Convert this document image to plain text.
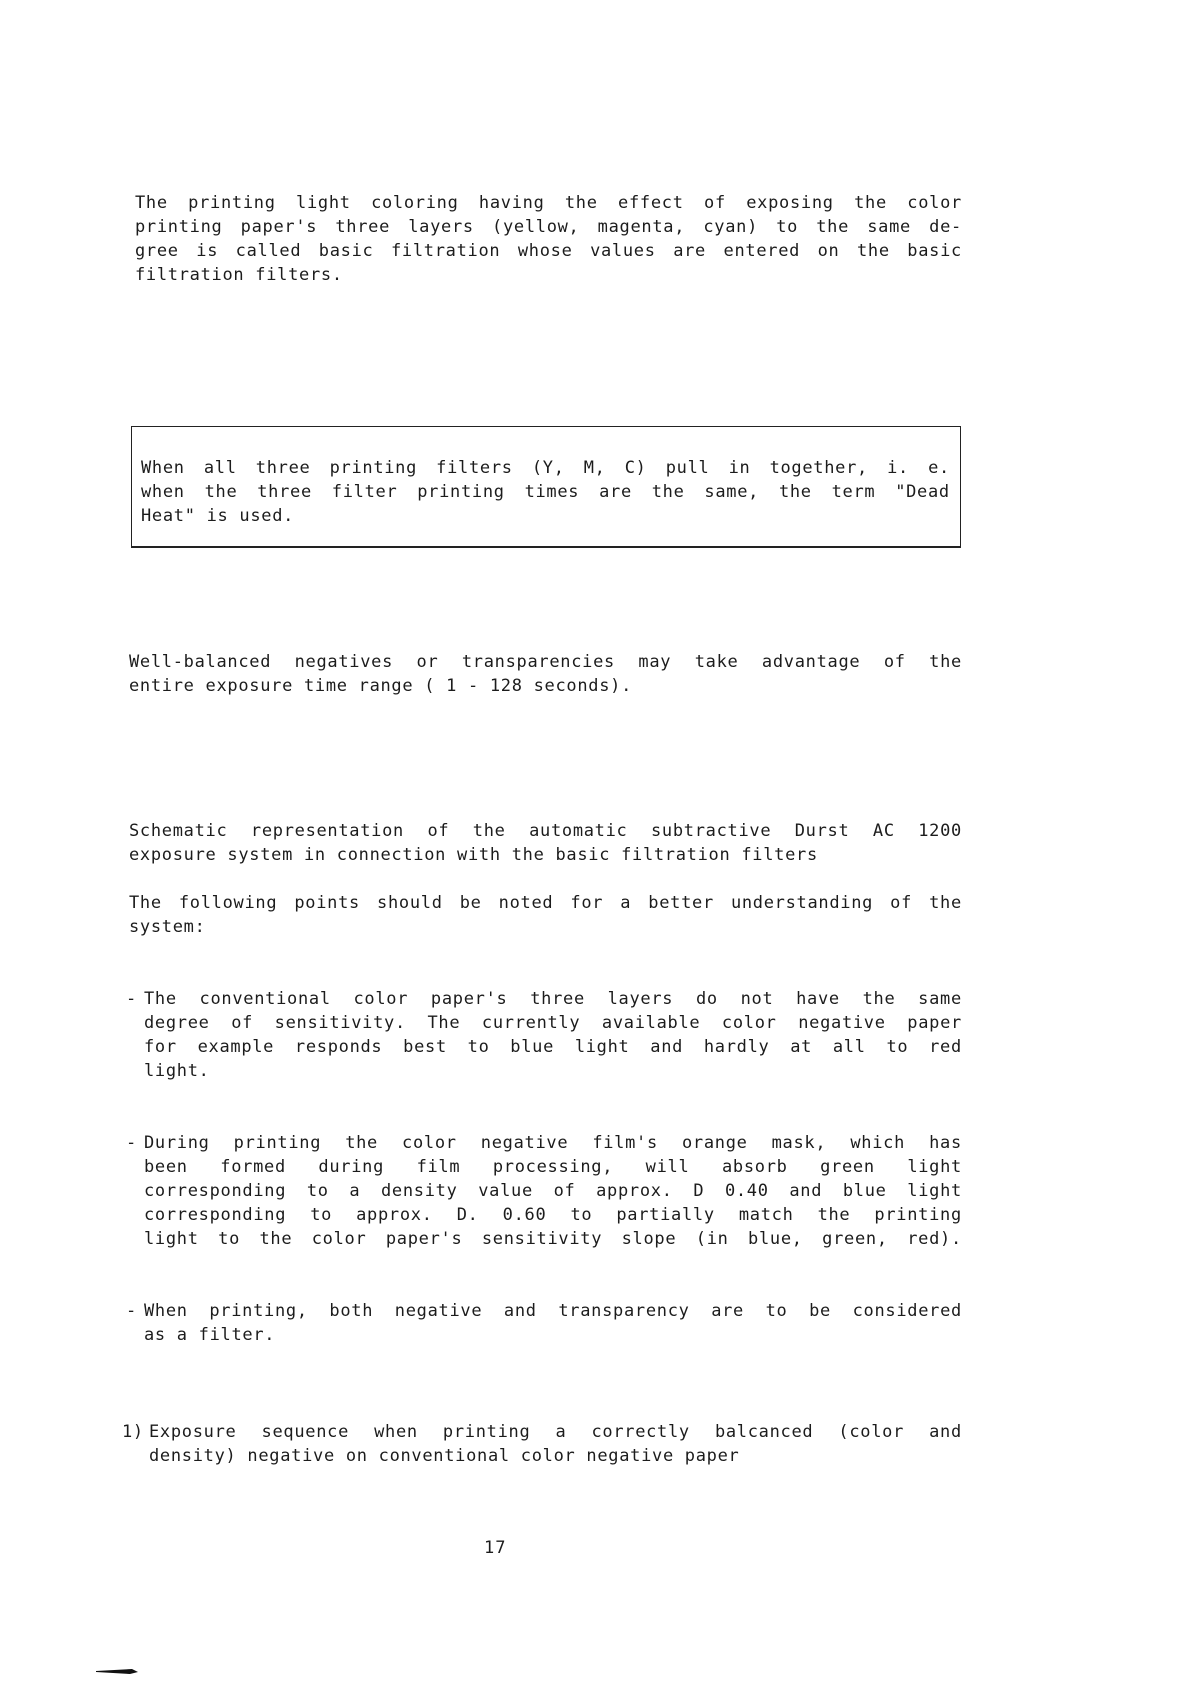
The printing light coloring having the effect of exposing the color
printing paper's three layers (yellow, magenta, cyan) to the same de-
gree is called basic filtration whose values are entered on the basic
filtration filters.
When all three printing filters (Y, M, C) pull in together, i. e.
when the three filter printing times are the same, the term "Dead
Heat" is used.
Well-balanced negatives or transparencies may take advantage of the
entire exposure time range ( 1 - 128 seconds).
Schematic representation of the automatic subtractive Durst AC 1200
exposure system in connection with the basic filtration filters
The following points should be noted for a better understanding of the
system:
- The conventional color paper's three layers do not have the same
degree of sensitivity. The currently available color negative paper
for example responds best to blue light and hardly at all to red
light.
- During printing the color negative film's orange mask, which has
been formed during film processing, will absorb green light
corresponding to a density value of approx. D 0.40 and blue light
corresponding to approx. D. 0.60 to partially match the printing
light to the color paper's sensitivity slope (in blue, green, red).
- When printing, both negative and transparency are to be considered
as a filter.
1) Exposure sequence when printing a correctly balcanced (color and
density) negative on conventional color negative paper
17
